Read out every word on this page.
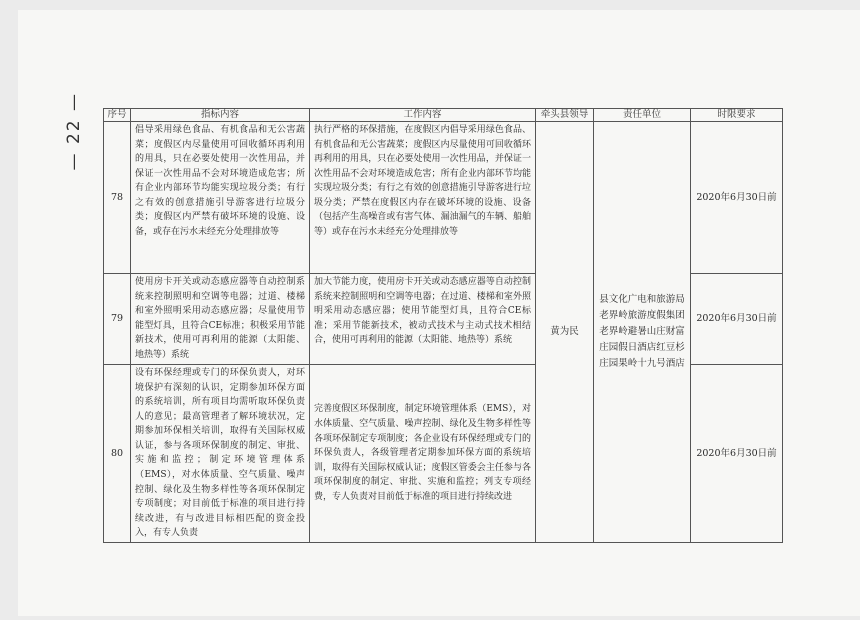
— 22 — 序号	指标内容	工作内容	牵头县领导	责任单位	时限要求
78	倡导采用绿色食品、有机食品和无公害蔬菜；度假区内尽量使用可回收循环再利用的用具，只在必要处使用一次性用品，并保证一次性用品不会对环境造成危害；所有企业内部环节均能实现垃圾分类；有行之有效的创意措施引导游客进行垃圾分类；度假区内严禁有破坏环境的设施、设备，或存在污水未经充分处理排放等	执行严格的环保措施，在度假区内倡导采用绿色食品、有机食品和无公害蔬菜；度假区内尽量使用可回收循环再利用的用具，只在必要处使用一次性用品，并保证一次性用品不会对环境造成危害；所有企业内部环节均能实现垃圾分类；有行之有效的创意措施引导游客进行垃圾分类；严禁在度假区内存在破坏环境的设施、设备（包括产生高噪音或有害气体、漏油漏气的车辆、船舶等）或存在污水未经充分处理排放等	黄为民	县文化广电和旅游局老界岭旅游度假集团老界岭避暑山庄财富庄园假日酒店红豆杉庄园果岭十九号酒店	2020年6月30日前
79	使用房卡开关或动态感应器等自动控制系统来控制照明和空调等电器；过道、楼梯和室外照明采用动态感应器；尽量使用节能型灯具，且符合CE标准；积极采用节能新技术，使用可再利用的能源（太阳能、地热等）系统	加大节能力度，使用房卡开关或动态感应器等自动控制系统来控制照明和空调等电器；在过道、楼梯和室外照明采用动态感应器；使用节能型灯具，且符合CE标准；采用节能新技术，被动式技术与主动式技术相结合，使用可再利用的能源（太阳能、地热等）系统			2020年6月30日前
80	设有环保经理或专门的环保负责人，对环境保护有深刻的认识，定期参加环保方面的系统培训，所有项目均需听取环保负责人的意见；最高管理者了解环境状况，定期参加环保相关培训，取得有关国际权威认证，参与各项环保制度的制定、审批、实施和监控；制定环境管理体系（EMS），对水体质量、空气质量、噪声控制、绿化及生物多样性等各项环保制定专项制度；对目前低于标准的项目进行持续改进，有与改进目标相匹配的资金投入，有专人负责	完善度假区环保制度，制定环境管理体系（EMS），对水体质量、空气质量、噪声控制、绿化及生物多样性等各项环保制定专项制度；各企业设有环保经理或专门的环保负责人，各级管理者定期参加环保方面的系统培训，取得有关国际权威认证；度假区管委会主任参与各项环保制度的制定、审批、实施和监控；列支专项经费，专人负责对目前低于标准的项目进行持续改进			2020年6月30日前
